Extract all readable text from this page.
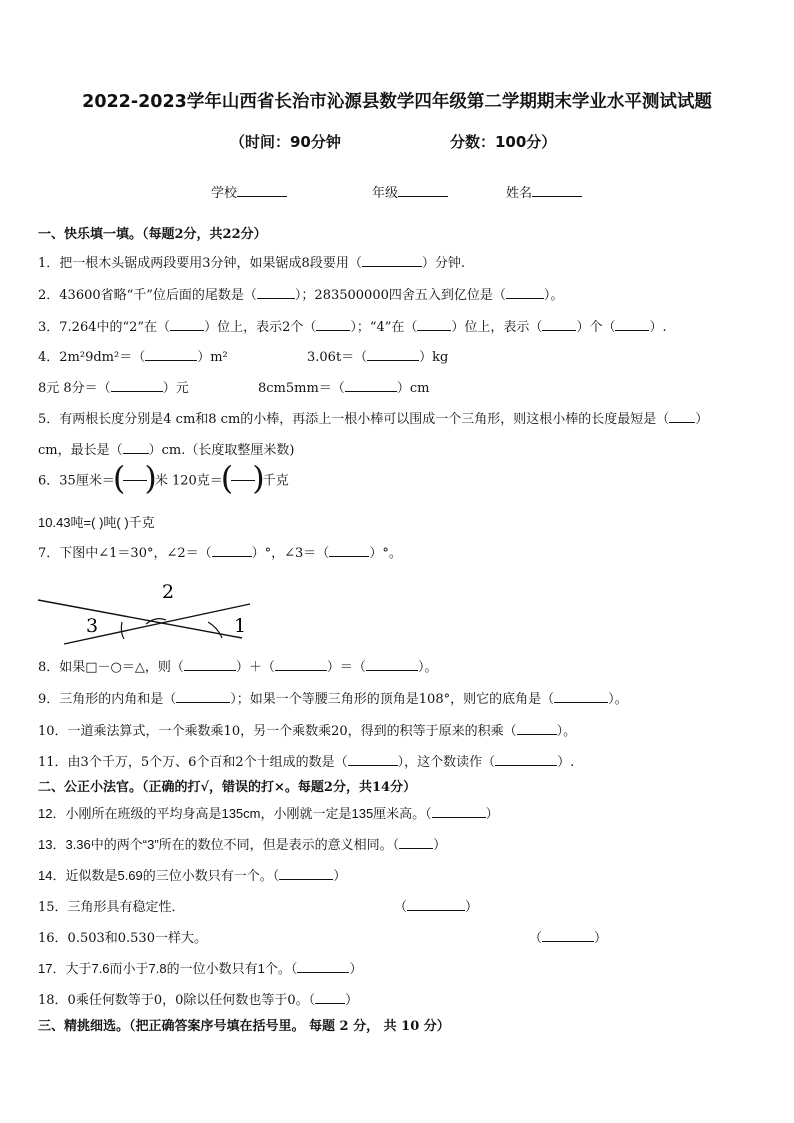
2022-2023学年山西省长治市沁源县数学四年级第二学期期末学业水平测试试题
（时间：90分钟	分数：100分）
学校	年级	姓名
一、快乐填一填。（每题2分，共22分）
1．把一根木头锯成两段要用3分钟，如果锯成8段要用（	）分钟.
2．43600省略“千”位后面的尾数是（	）；283500000四舍五入到亿位是（	）。
3．7.264中的“2”在（	）位上，表示2个（	）；“4”在（	）位上，表示（	）个（	）.
4．2m²9dm²＝（	）m²	3.06t＝（	）kg
8元 8分＝（	）元	8cm5mm＝（	）cm
5．有两根长度分别是4 cm和8 cm的小棒，再添上一根小棒可以围成一个三角形，则这根小棒的长度最短是（ ）
cm，最长是（ ）cm.（长度取整厘米数)
6．35厘米＝ (
)	米 120克＝ (
)	千克
10.43吨=( )吨( )千克
7．下图中∠1＝30°，∠2＝（	）°，∠3＝（	）°。
2
3	1
8．如果□－○＝△，则（	）＋（	）＝（	）。
9．三角形的内角和是（	）；如果一个等腰三角形的顶角是108°，则它的底角是（	）。
10．一道乘法算式，一个乘数乘10，另一个乘数乘20，得到的积等于原来的积乘（	）。
11．由3个千万，5个万、6个百和2个十组成的数是（	），这个数读作（	）.
二、公正小法官。（正确的打√，错误的打×。每题2分，共14分）
12．小刚所在班级的平均身高是135cm，小刚就一定是135厘米高。（	）
13．3.36中的两个“3”所在的数位不同，但是表示的意义相同。（	）
14．近似数是5.69的三位小数只有一个。（	）
15．三角形具有稳定性．	（	）
16．0.503和0.530一样大。	（	）
17．大于7.6而小于7.8的一位小数只有1个。（	）
18．0乘任何数等于0，0除以任何数也等于0。（ ）
三、精挑细选。（把正确答案序号填在括号里。 每题 2 分， 共 10 分）
